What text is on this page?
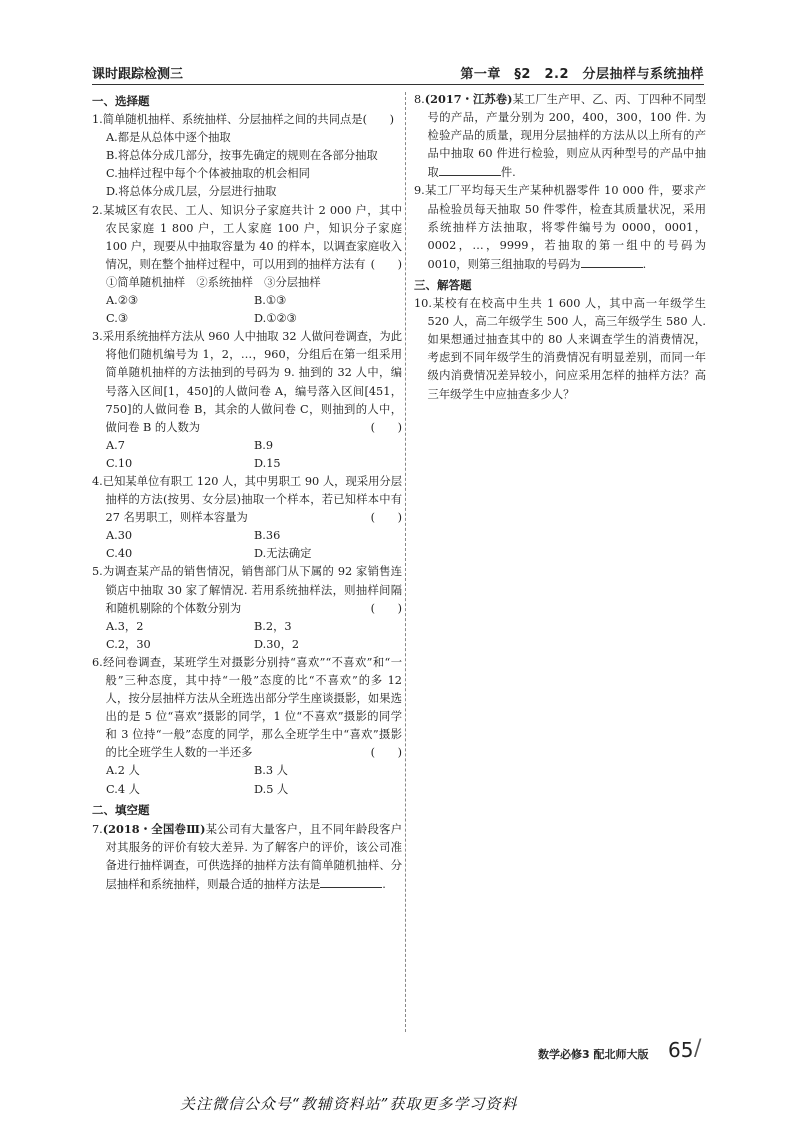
课时跟踪检测三	第一章　§2　2.2　分层抽样与系统抽样
一、选择题
1.简单随机抽样、系统抽样、分层抽样之间的共同点是(　　)
A.都是从总体中逐个抽取
B.将总体分成几部分，按事先确定的规则在各部分抽取
C.抽样过程中每个个体被抽取的机会相同
D.将总体分成几层，分层进行抽取
2.某城区有农民、工人、知识分子家庭共计 2 000 户，其中农民家庭 1 800 户，工人家庭 100 户，知识分子家庭 100 户，现要从中抽取容量为 40 的样本，以调查家庭收入情况，则在整个抽样过程中，可以用到的抽样方法有 (　　)
①简单随机抽样　②系统抽样　③分层抽样
A.②③	B.①③
C.③	D.①②③
3.采用系统抽样方法从 960 人中抽取 32 人做问卷调查，为此将他们随机编号为 1，2，…，960，分组后在第一组采用简单随机抽样的方法抽到的号码为 9. 抽到的 32 人中，编号落入区间[1，450]的人做问卷 A，编号落入区间[451，750]的人做问卷 B，其余的人做问卷 C，则抽到的人中，做问卷 B 的人数为	(　　)
A.7	B.9
C.10	D.15
4.已知某单位有职工 120 人，其中男职工 90 人，现采用分层抽样的方法(按男、女分层)抽取一个样本，若已知样本中有 27 名男职工，则样本容量为	(　　)
A.30	B.36
C.40	D.无法确定
5.为调查某产品的销售情况，销售部门从下属的 92 家销售连锁店中抽取 30 家了解情况. 若用系统抽样法，则抽样间隔和随机剔除的个体数分别为	(　　)
A.3，2	B.2，3
C.2，30	D.30，2
6.经问卷调查，某班学生对摄影分别持“喜欢”“不喜欢”和“一般”三种态度，其中持“一般”态度的比“不喜欢”的多 12 人，按分层抽样方法从全班选出部分学生座谈摄影，如果选出的是 5 位“喜欢”摄影的同学，1 位“不喜欢”摄影的同学和 3 位持“一般”态度的同学，那么全班学生中“喜欢”摄影的比全班学生人数的一半还多	(　　)
A.2 人	B.3 人
C.4 人	D.5 人
二、填空题
7.(2018・全国卷Ⅲ)某公司有大量客户，且不同年龄段客户对其服务的评价有较大差异. 为了解客户的评价，该公司准备进行抽样调查，可供选择的抽样方法有简单随机抽样、分层抽样和系统抽样，则最合适的抽样方法是	.
8.(2017・江苏卷)某工厂生产甲、乙、丙、丁四种不同型号的产品，产量分别为 200，400，300，100 件. 为检验产品的质量，现用分层抽样的方法从以上所有的产品中抽取 60 件进行检验，则应从丙种型号的产品中抽取	件.
9.某工厂平均每天生产某种机器零件 10 000 件，要求产品检验员每天抽取 50 件零件，检查其质量状况，采用系统抽样方法抽取，将零件编号为 0000，0001，0002，…，9999，若抽取的第一组中的号码为 0010，则第三组抽取的号码为	.
三、解答题
10.某校有在校高中生共 1 600 人，其中高一年级学生 520 人，高二年级学生 500 人，高三年级学生 580 人. 如果想通过抽查其中的 80 人来调查学生的消费情况，考虑到不同年级学生的消费情况有明显差别，而同一年级内消费情况差异较小，问应采用怎样的抽样方法？高三年级学生中应抽查多少人？
数学必修3 配北师大版 65 /
关注微信公众号“教辅资料站”获取更多学习资料
